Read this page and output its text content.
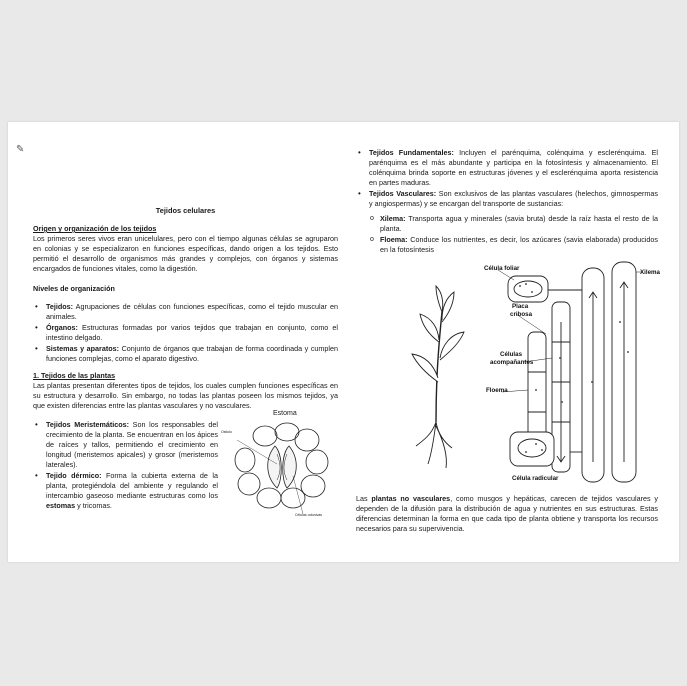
✎
Tejidos celulares

Origen y organización de los tejidos

Los primeros seres vivos eran unicelulares, pero con el tiempo algunas células se agruparon en colonias y se especializaron en funciones específicas, dando origen a los tejidos. Esto permitió el desarrollo de organismos más grandes y complejos, con órganos y sistemas encargados de funciones vitales, como la digestión.

Niveles de organización

• Tejidos: Agrupaciones de células con funciones específicas, como el tejido muscular en animales.
• Órganos: Estructuras formadas por varios tejidos que trabajan en conjunto, como el intestino delgado.
• Sistemas y aparatos: Conjunto de órganos que trabajan de forma coordinada y cumplen funciones complejas, como el aparato digestivo.

1. Tejidos de las plantas

Las plantas presentan diferentes tipos de tejidos, los cuales cumplen funciones específicas en su estructura y desarrollo. Sin embargo, no todas las plantas poseen los mismos tejidos, ya que existen diferencias entre las plantas vasculares y no vasculares.

• Tejidos Meristemáticos: Son los responsables del crecimiento de la planta. Se encuentran en los ápices de raíces y tallos, permitiendo el crecimiento en longitud (meristemos apicales) y grosor (meristemos laterales).
• Tejido dérmico: Forma la cubierta externa de la planta, protegiéndola del ambiente y regulando el intercambio gaseoso mediante estructuras como los estomas y tricomas.
Estoma
Ostiolo
Células oclusivas
• Tejidos Fundamentales: Incluyen el parénquima, colénquima y esclerénquima. El parénquima es el más abundante y participa en la fotosíntesis y almacenamiento. El colénquima brinda soporte en estructuras jóvenes y el esclerénquima aporta resistencia en partes maduras.
• Tejidos Vasculares: Son exclusivos de las plantas vasculares (helechos, gimnospermas y angiospermas) y se encargan del transporte de sustancias:
o Xilema: Transporta agua y minerales (savia bruta) desde la raíz hasta el resto de la planta.
o Floema: Conduce los nutrientes, es decir, los azúcares (savia elaborada) producidos en la fotosíntesis
Célula foliar
Xilema
Placa cribosa
Células acompañantes
Floema
Célula radicular

Las plantas no vasculares, como musgos y hepáticas, carecen de tejidos vasculares y dependen de la difusión para la distribución de agua y nutrientes en sus estructuras. Estas diferencias determinan la forma en que cada tipo de planta obtiene y transporta los recursos necesarios para su supervivencia.
